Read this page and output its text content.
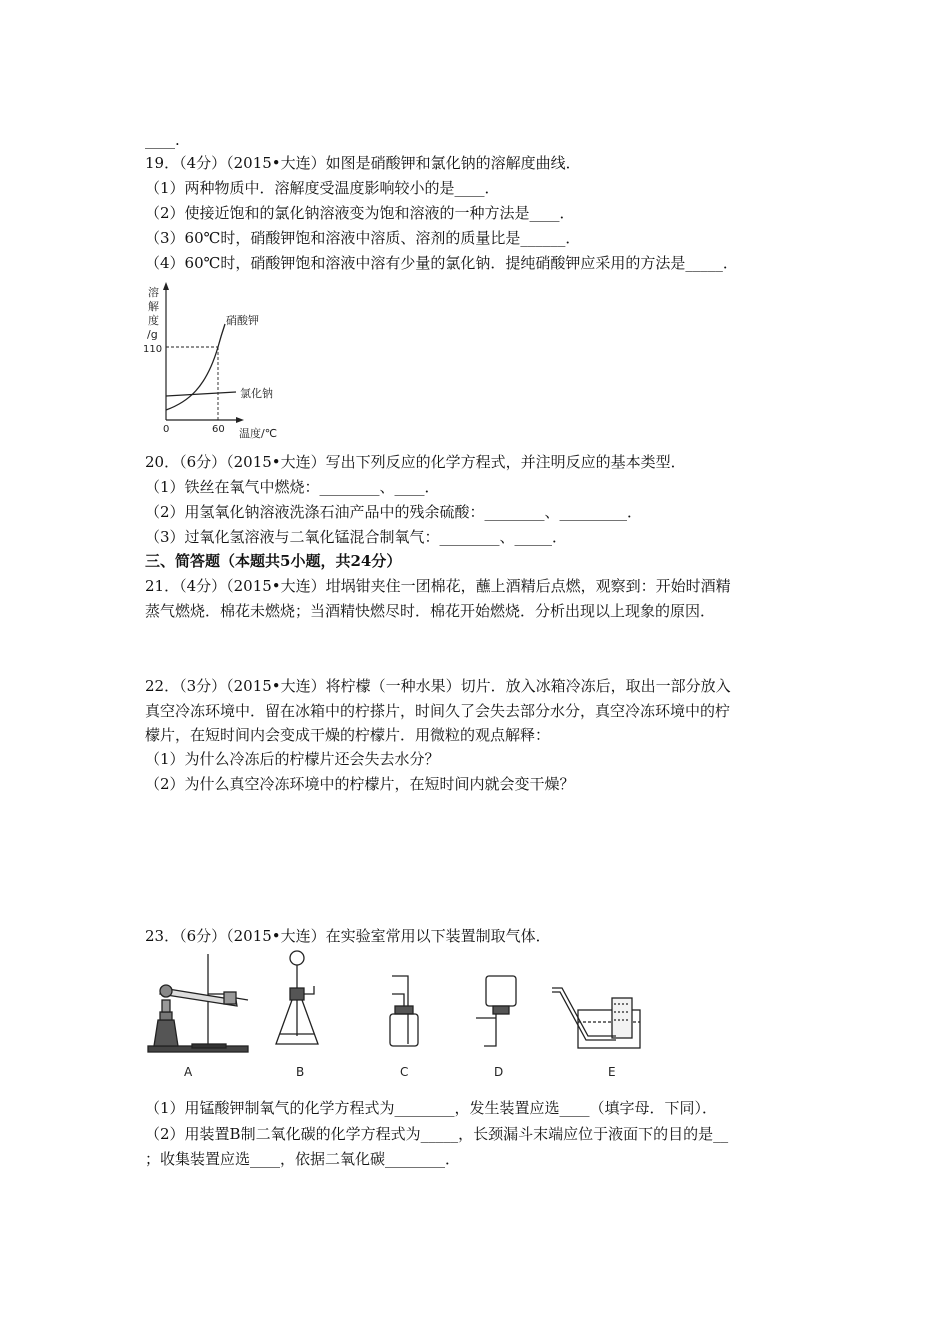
____.
19．（4分）（2015•大连）如图是硝酸钾和氯化钠的溶解度曲线．
（1）两种物质中．溶解度受温度影响较小的是____．
（2）使接近饱和的氯化钠溶液变为饱和溶液的一种方法是____．
（3）60℃时，硝酸钾饱和溶液中溶质、溶剂的质量比是______．
（4）60℃时，硝酸钾饱和溶液中溶有少量的氯化钠．提纯硝酸钾应采用的方法是_____．
溶
解
度
/g
110
0	60 温度/℃
硝酸钾
氯化钠
20．（6分）（2015•大连）写出下列反应的化学方程式，并注明反应的基本类型．
（1）铁丝在氧气中燃烧：________、____．
（2）用氢氧化钠溶液洗涤石油产品中的残余硫酸：________、_________．
（3）过氧化氢溶液与二氧化锰混合制氧气：________、_____．
三、简答题（本题共5小题，共24分）
21．（4分）（2015•大连）坩埚钳夹住一团棉花，蘸上酒精后点燃，观察到：开始时酒精
蒸气燃烧．棉花未燃烧；当酒精快燃尽时．棉花开始燃烧．分析出现以上现象的原因．
22．（3分）（2015•大连）将柠檬（一种水果）切片．放入冰箱冷冻后，取出一部分放入
真空冷冻环境中．留在冰箱中的柠搽片，时间久了会失去部分水分，真空冷冻环境中的柠
檬片，在短时间内会变成干燥的柠檬片．用微粒的观点解释：
（1）为什么冷冻后的柠檬片还会失去水分？
（2）为什么真空冷冻环境中的柠檬片，在短时间内就会变干燥？
23．（6分）（2015•大连）在实验室常用以下装置制取气体．
A	B	C	D	E
（1）用锰酸钾制氧气的化学方程式为________，发生装置应选____（填字母．下同）．
（2）用装置B制二氧化碳的化学方程式为_____，长颈漏斗末端应位于液面下的目的是__
；收集装置应选____，依据二氧化碳________．
